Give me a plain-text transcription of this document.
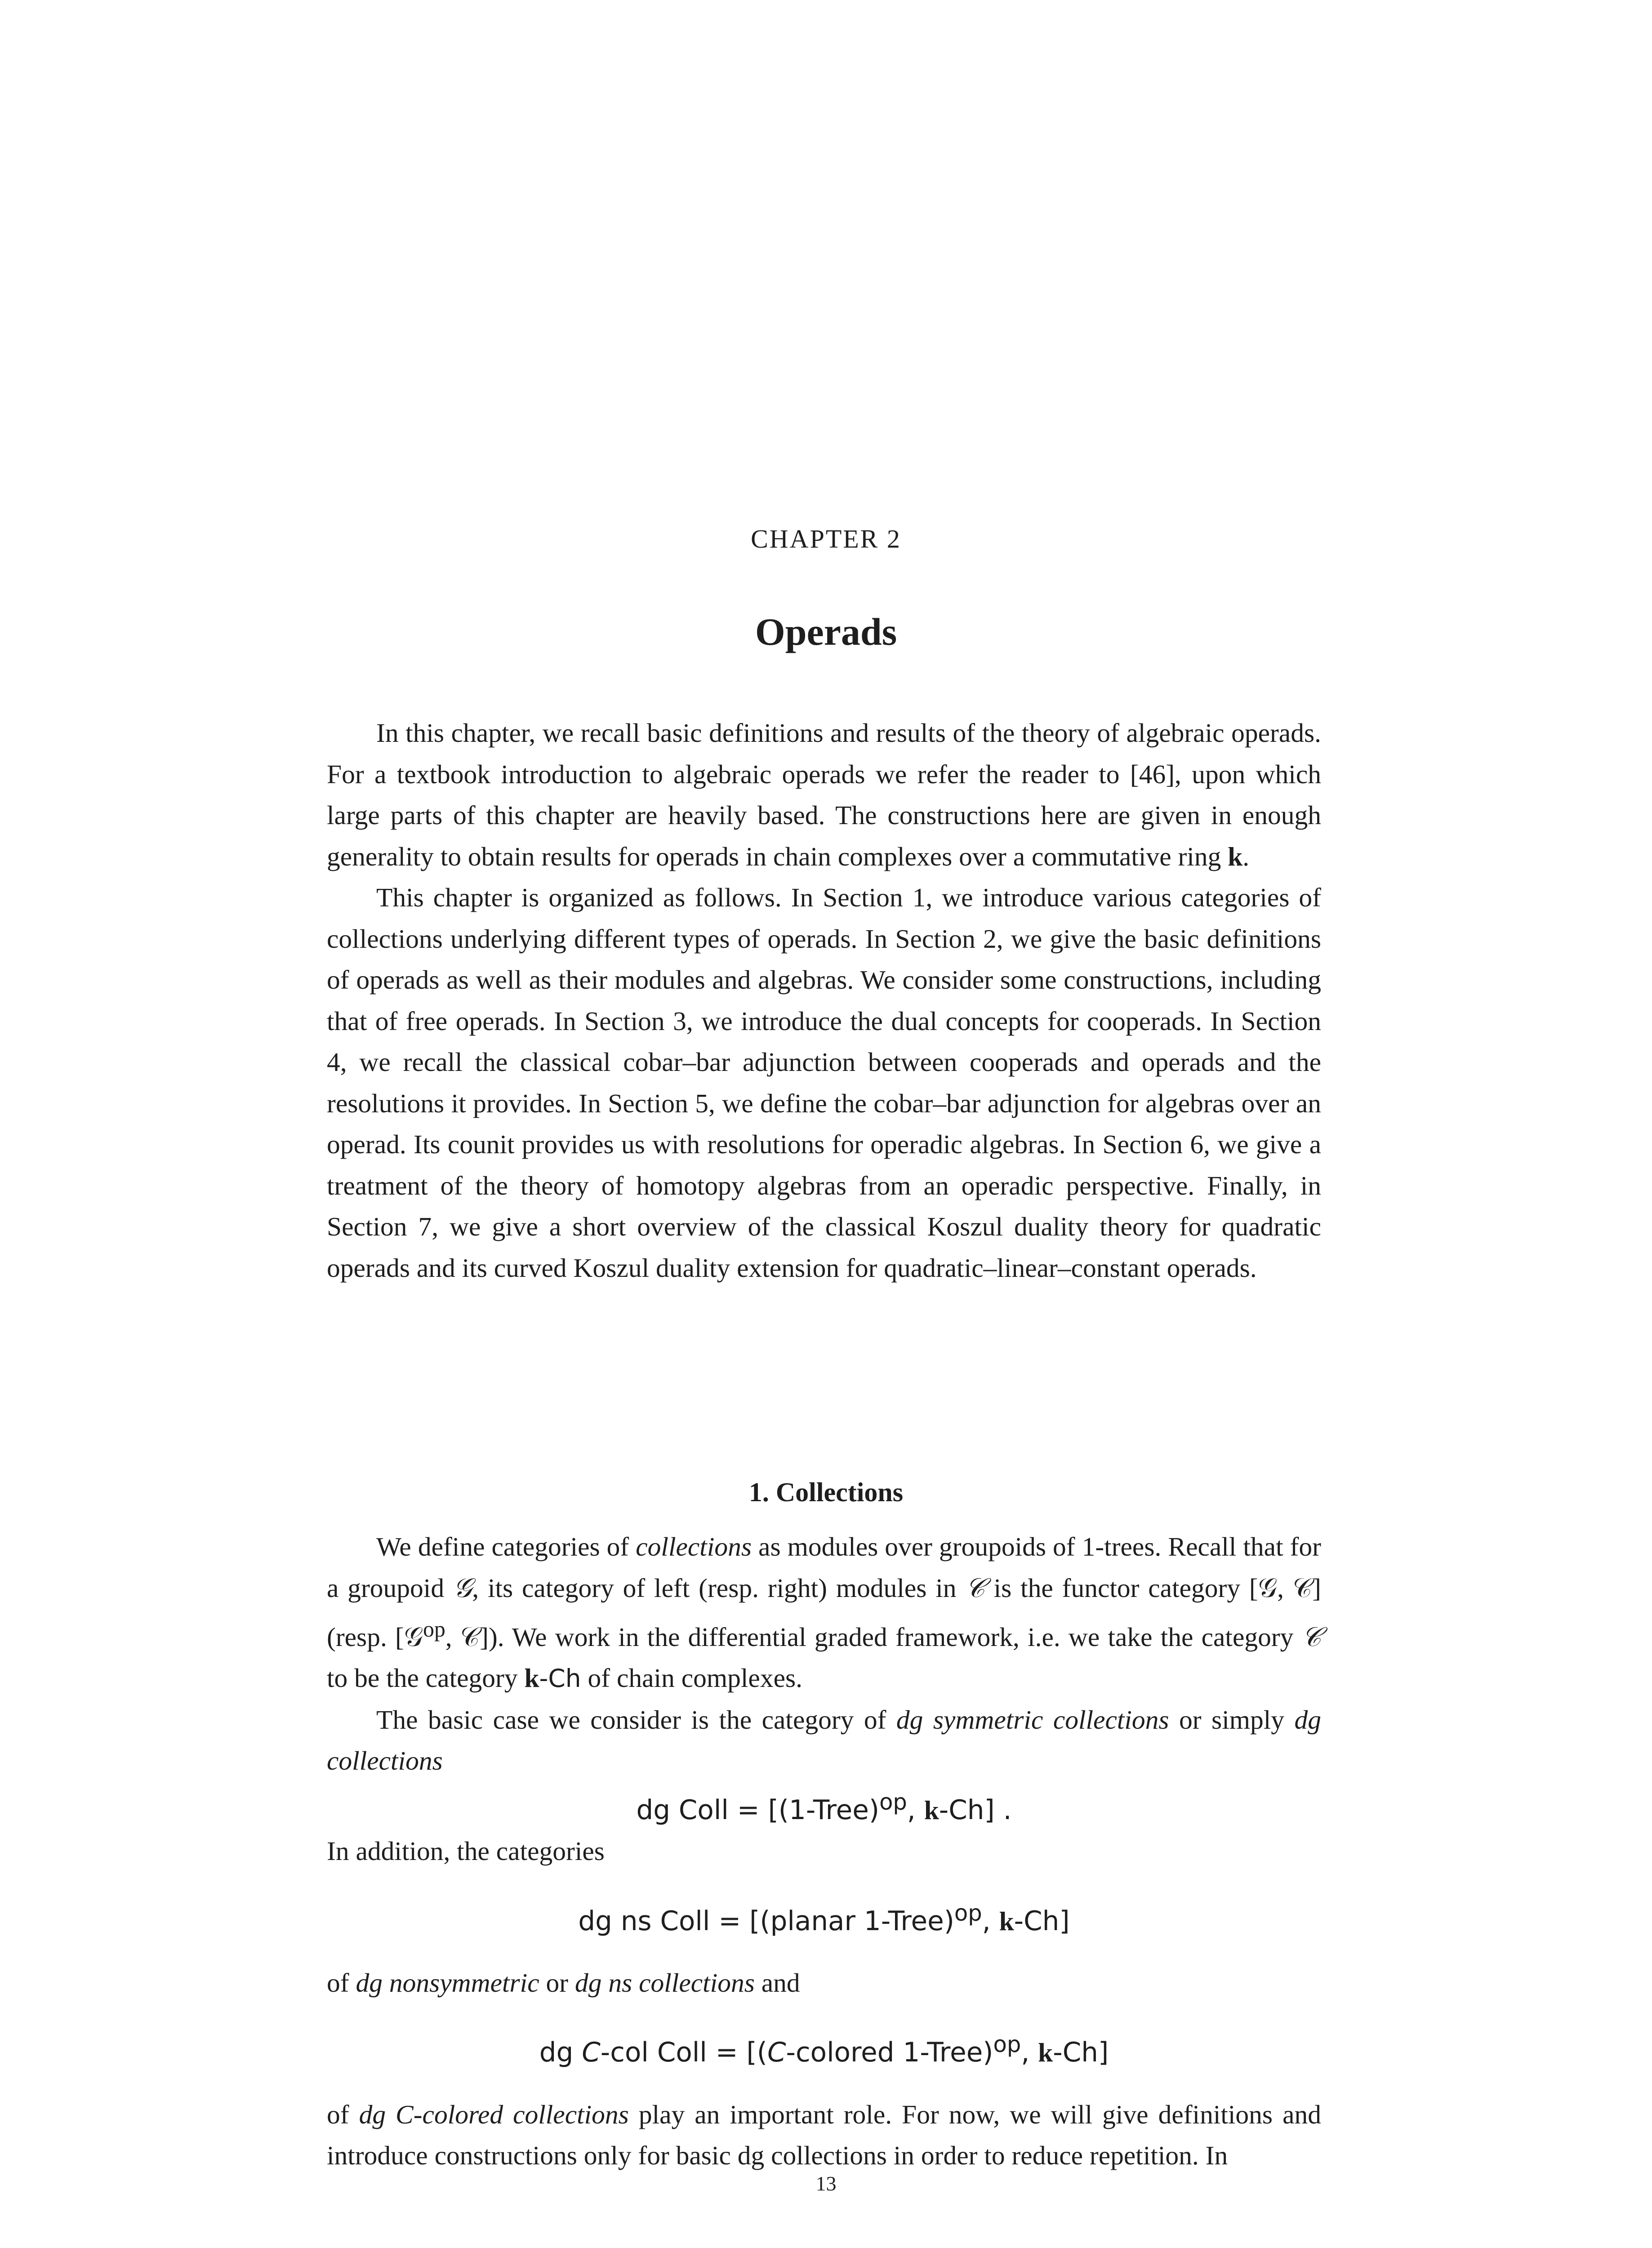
CHAPTER 2
Operads

In this chapter, we recall basic definitions and results of the theory of algebraic operads. For a textbook introduction to algebraic operads we refer the reader to [46], upon which large parts of this chapter are heavily based. The constructions here are given in enough generality to obtain results for operads in chain complexes over a commutative ring k.

This chapter is organized as follows. In Section 1, we introduce various categories of collections underlying different types of operads. In Section 2, we give the basic definitions of operads as well as their modules and algebras. We consider some constructions, including that of free operads. In Section 3, we introduce the dual concepts for cooperads. In Section 4, we recall the classical cobar–bar adjunction between cooperads and operads and the resolutions it provides. In Section 5, we define the cobar–bar adjunction for algebras over an operad. Its counit provides us with resolutions for operadic algebras. In Section 6, we give a treatment of the theory of homotopy algebras from an operadic perspective. Finally, in Section 7, we give a short overview of the classical Koszul duality theory for quadratic operads and its curved Koszul duality extension for quadratic–linear–constant operads.

1. Collections

We define categories of collections as modules over groupoids of 1-trees. Recall that for a groupoid 𝒢, its category of left (resp. right) modules in 𝒞 is the functor category [𝒢, 𝒞] (resp. [𝒢$^{op}$, 𝒞]). We work in the differential graded framework, i.e. we take the category 𝒞 to be the category k-Ch of chain complexes.

The basic case we consider is the category of dg symmetric collections or simply dg collections

dg Coll = [(1-Tree)$^{op}$, k-Ch] .

In addition, the categories

dg ns Coll = [(planar 1-Tree)$^{op}$, k-Ch]

of dg nonsymmetric or dg ns collections and

dg C-col Coll = [(C-colored 1-Tree)$^{op}$, k-Ch]

of dg C-colored collections play an important role. For now, we will give definitions and introduce constructions only for basic dg collections in order to reduce repetition. In

13
